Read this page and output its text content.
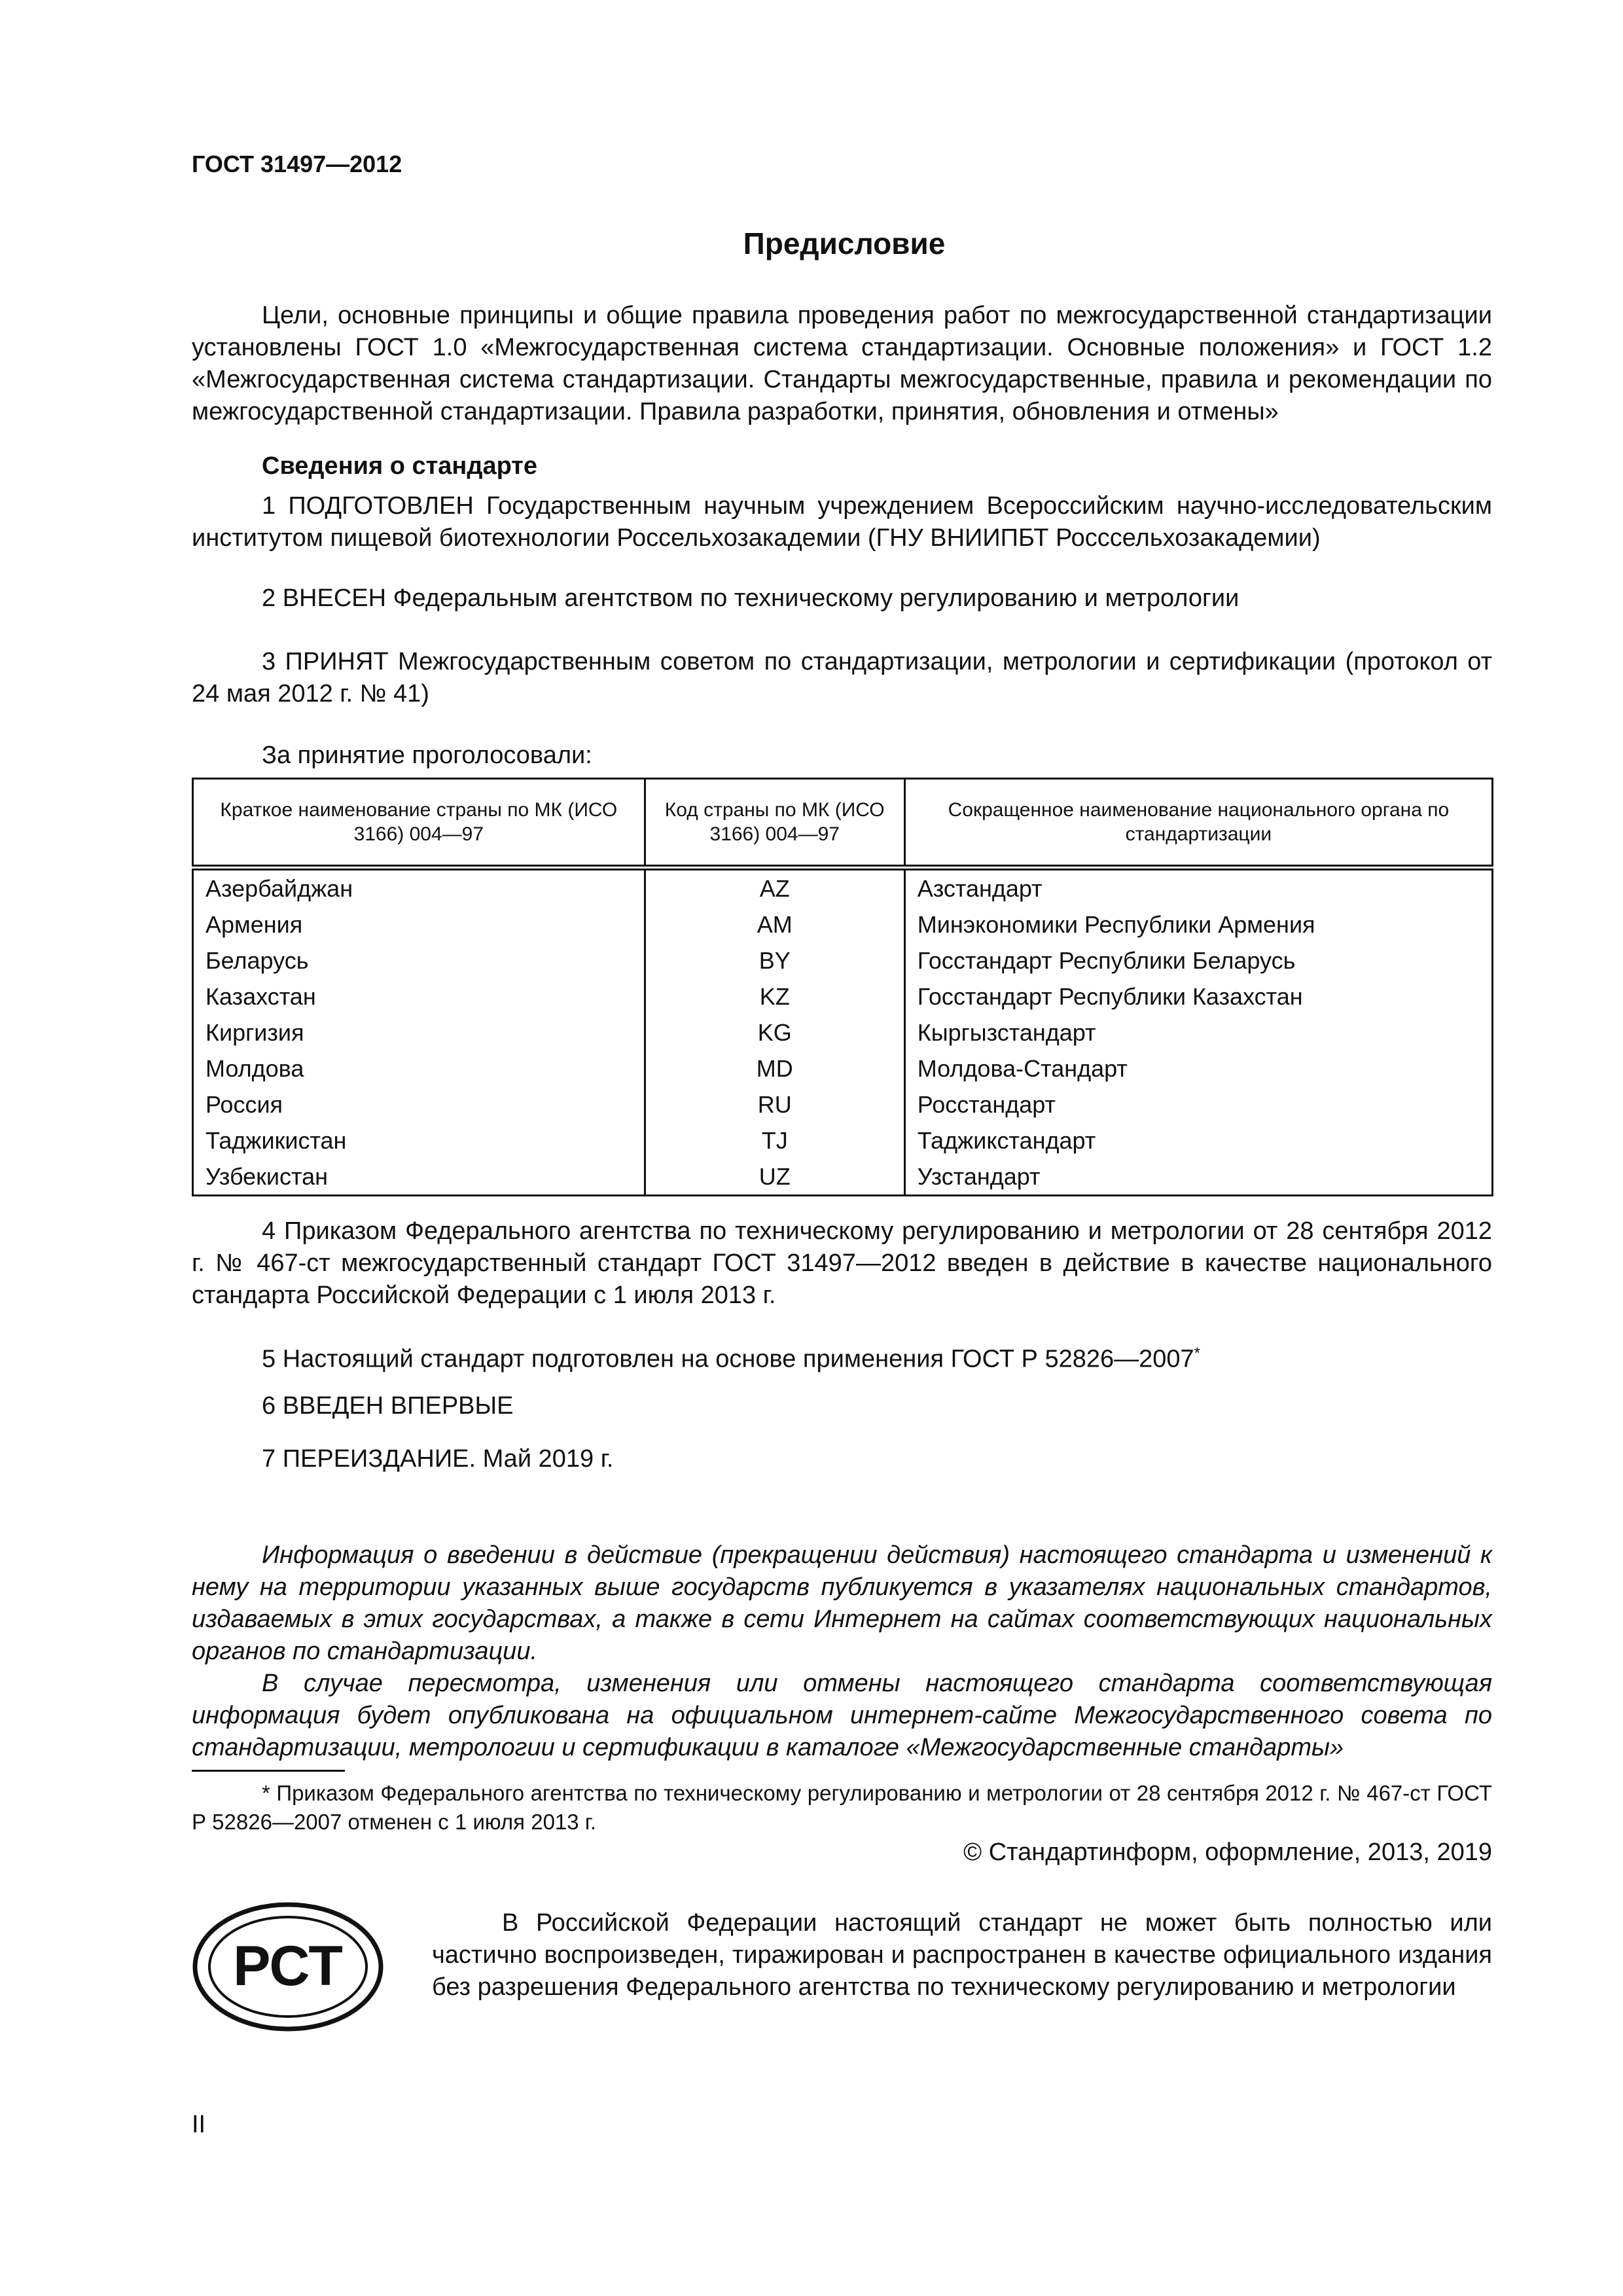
ГОСТ 31497—2012
Предисловие
Цели, основные принципы и общие правила проведения работ по межгосударственной стандартизации установлены ГОСТ 1.0 «Межгосударственная система стандартизации. Основные положения» и ГОСТ 1.2 «Межгосударственная система стандартизации. Стандарты межгосударственные, правила и рекомендации по межгосударственной стандартизации. Правила разработки, принятия, обновления и отмены»
Сведения о стандарте
1 ПОДГОТОВЛЕН Государственным научным учреждением Всероссийским научно-исследовательским институтом пищевой биотехнологии Россельхозакадемии (ГНУ ВНИИПБТ Росссельхозакадемии)
2 ВНЕСЕН Федеральным агентством по техническому регулированию и метрологии
3 ПРИНЯТ Межгосударственным советом по стандартизации, метрологии и сертификации (протокол от 24 мая 2012 г. № 41)
За принятие проголосовали:
Краткое наименование страны по МК (ИСО 3166) 004—97	Код страны по МК (ИСО 3166) 004—97	Сокращенное наименование национального органа по стандартизации
Азербайджан	AZ	Азстандарт
Армения	AM	Минэкономики Республики Армения
Беларусь	BY	Госстандарт Республики Беларусь
Казахстан	KZ	Госстандарт Республики Казахстан
Киргизия	KG	Кыргызстандарт
Молдова	MD	Молдова-Стандарт
Россия	RU	Росстандарт
Таджикистан	TJ	Таджикстандарт
Узбекистан	UZ	Узстандарт
4 Приказом Федерального агентства по техническому регулированию и метрологии от 28 сентября 2012 г. № 467-ст межгосударственный стандарт ГОСТ 31497—2012 введен в действие в качестве национального стандарта Российской Федерации с 1 июля 2013 г.
5 Настоящий стандарт подготовлен на основе применения ГОСТ Р 52826—2007*
6 ВВЕДЕН ВПЕРВЫЕ
7 ПЕРЕИЗДАНИЕ. Май 2019 г.
Информация о введении в действие (прекращении действия) настоящего стандарта и изменений к нему на территории указанных выше государств публикуется в указателях национальных стандартов, издаваемых в этих государствах, а также в сети Интернет на сайтах соответствующих национальных органов по стандартизации.
В случае пересмотра, изменения или отмены настоящего стандарта соответствующая информация будет опубликована на официальном интернет-сайте Межгосударственного совета по стандартизации, метрологии и сертификации в каталоге «Межгосударственные стандарты»
* Приказом Федерального агентства по техническому регулированию и метрологии от 28 сентября 2012 г. № 467-ст ГОСТ Р 52826—2007 отменен с 1 июля 2013 г.
© Стандартинформ, оформление, 2013, 2019
РСТ
В Российской Федерации настоящий стандарт не может быть полностью или частично воспроизведен, тиражирован и распространен в качестве официального издания без разрешения Федерального агентства по техническому регулированию и метрологии
II
